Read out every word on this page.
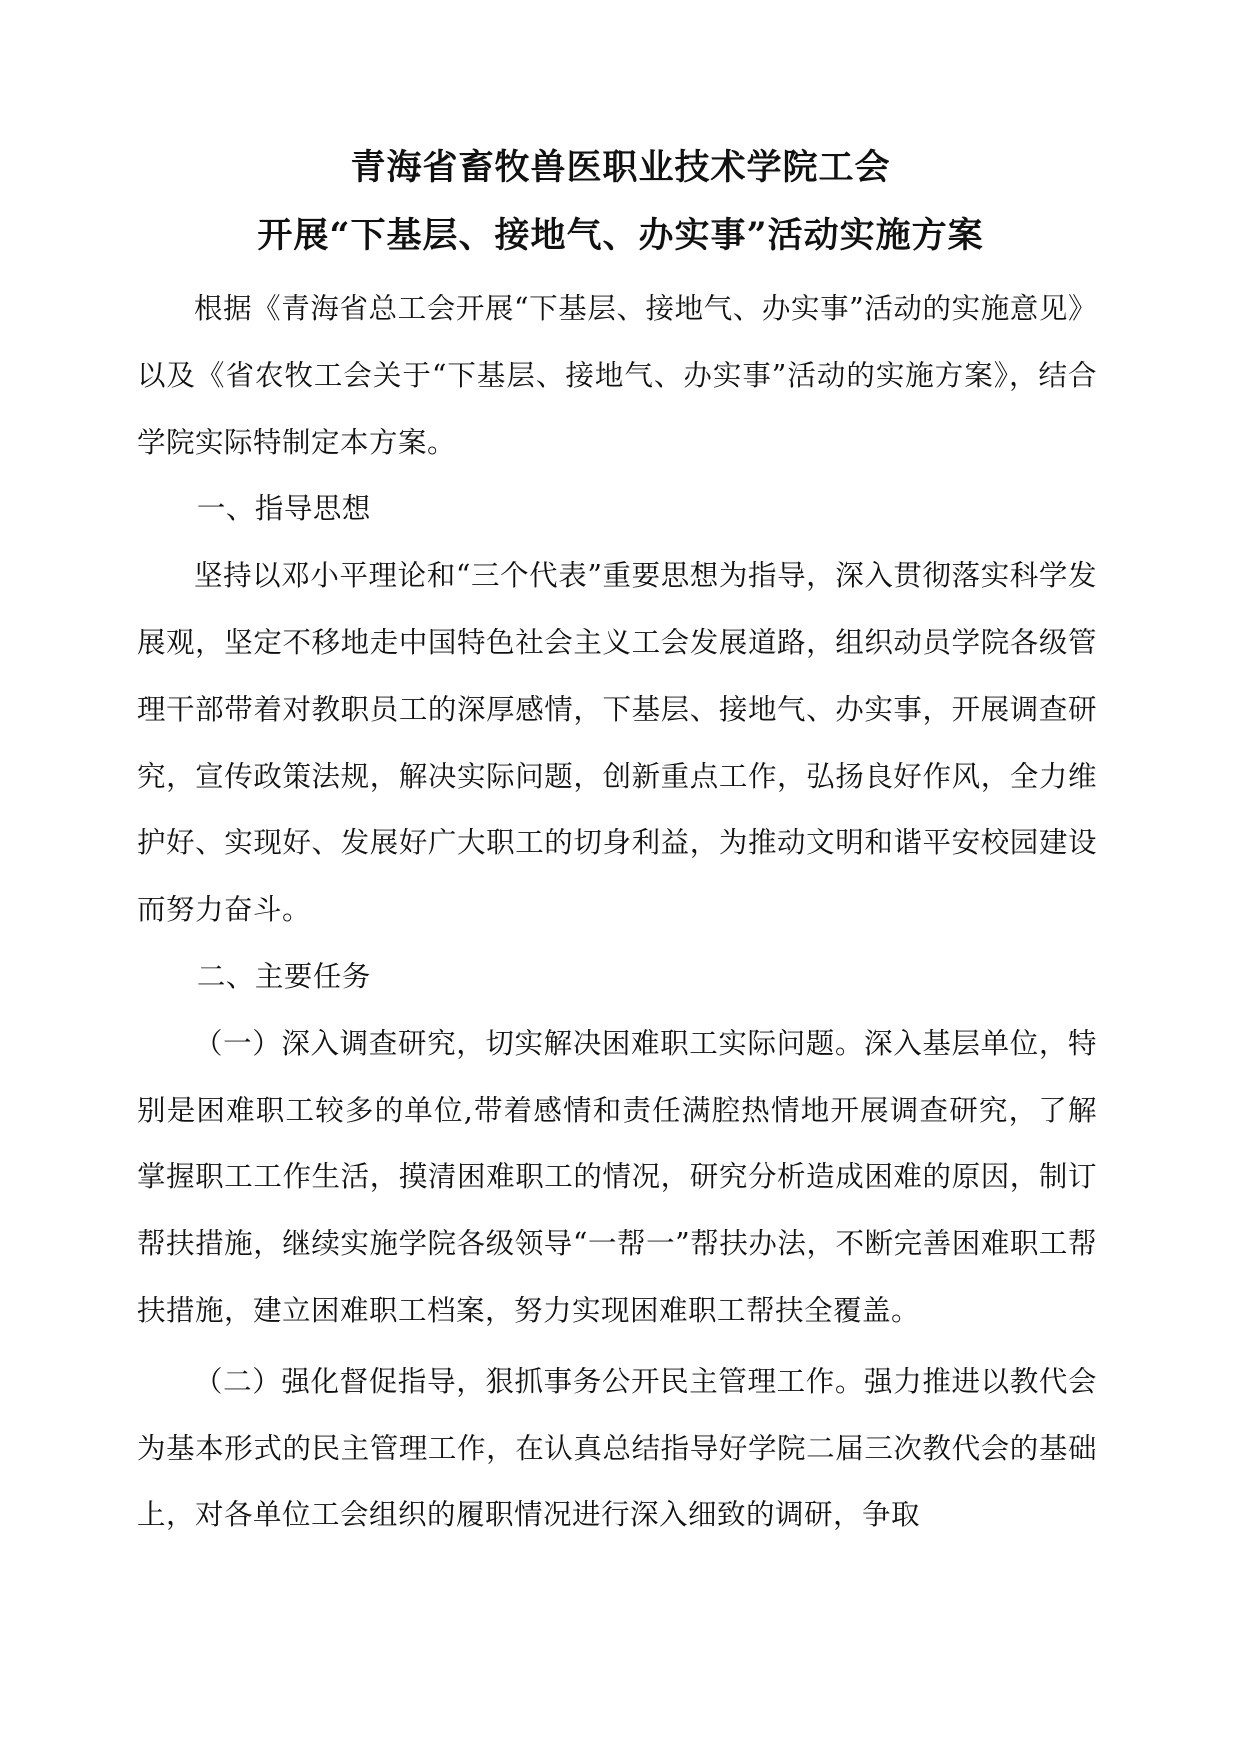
青海省畜牧兽医职业技术学院工会
开展“下基层、接地气、办实事”活动实施方案

根据《青海省总工会开展“下基层、接地气、办实事”活动的实施意见》以及《省农牧工会关于“下基层、接地气、办实事”活动的实施方案》，结合学院实际特制定本方案。

一、指导思想

坚持以邓小平理论和“三个代表”重要思想为指导，深入贯彻落实科学发展观，坚定不移地走中国特色社会主义工会发展道路，组织动员学院各级管理干部带着对教职员工的深厚感情，下基层、接地气、办实事，开展调查研究，宣传政策法规，解决实际问题，创新重点工作，弘扬良好作风，全力维护好、实现好、发展好广大职工的切身利益，为推动文明和谐平安校园建设而努力奋斗。

二、主要任务

（一）深入调查研究，切实解决困难职工实际问题。深入基层单位，特别是困难职工较多的单位,带着感情和责任满腔热情地开展调查研究，了解掌握职工工作生活，摸清困难职工的情况，研究分析造成困难的原因，制订帮扶措施，继续实施学院各级领导“一帮一”帮扶办法，不断完善困难职工帮扶措施，建立困难职工档案，努力实现困难职工帮扶全覆盖。

（二）强化督促指导，狠抓事务公开民主管理工作。强力推进以教代会为基本形式的民主管理工作，在认真总结指导好学院二届三次教代会的基础上，对各单位工会组织的履职情况进行深入细致的调研，争取
